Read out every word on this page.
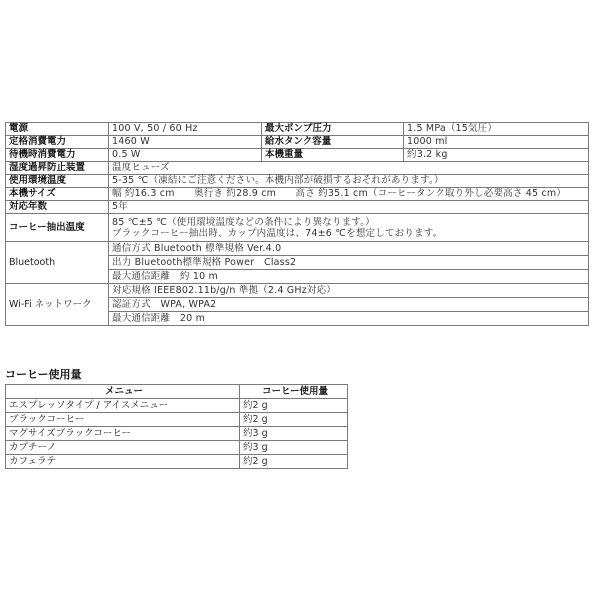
電源	100 V, 50 / 60 Hz	最大ポンプ圧力	1.5 MPa（15気圧）
定格消費電力	1460 W	給水タンク容量	1000 ml
待機時消費電力	0.5 W	本機重量	約3.2 kg
湿度過昇防止装置	温度ヒューズ		
使用環境温度	5-35 ℃（凍結にご注意ください。本機内部が破損するおそれがあります。）		
本機サイズ	幅 約16.3 cm　　奥行き 約28.9 cm　　高さ 約35.1 cm（コーヒータンク取り外し必要高さ 45 cm）		
対応年数	5年		
コーヒー抽出温度	85 ℃±5 ℃（使用環境温度などの条件により異なります。）
ブラックコーヒー抽出時、カップ内温度は、74±6 ℃を想定しております。		

Bluetooth	通信方式 Bluetooth 標準規格 Ver.4.0
出力 Bluetooth標準規格 Power　Class2
最大通信距離　約 10 m		

Wi-Fi ネットワーク	対応規格 IEEE802.11b/g/n 準拠（2.4 GHz対応）
認証方式　WPA, WPA2
最大通信距離　20 m		
コーヒー使用量
メニュー	コーヒー使用量
エスプレッソタイプ / アイスメニュー	約2 g
ブラックコーヒー	約2 g
マグサイズブラックコーヒー	約3 g
カプチーノ	約3 g
カフェラテ	約2 g
